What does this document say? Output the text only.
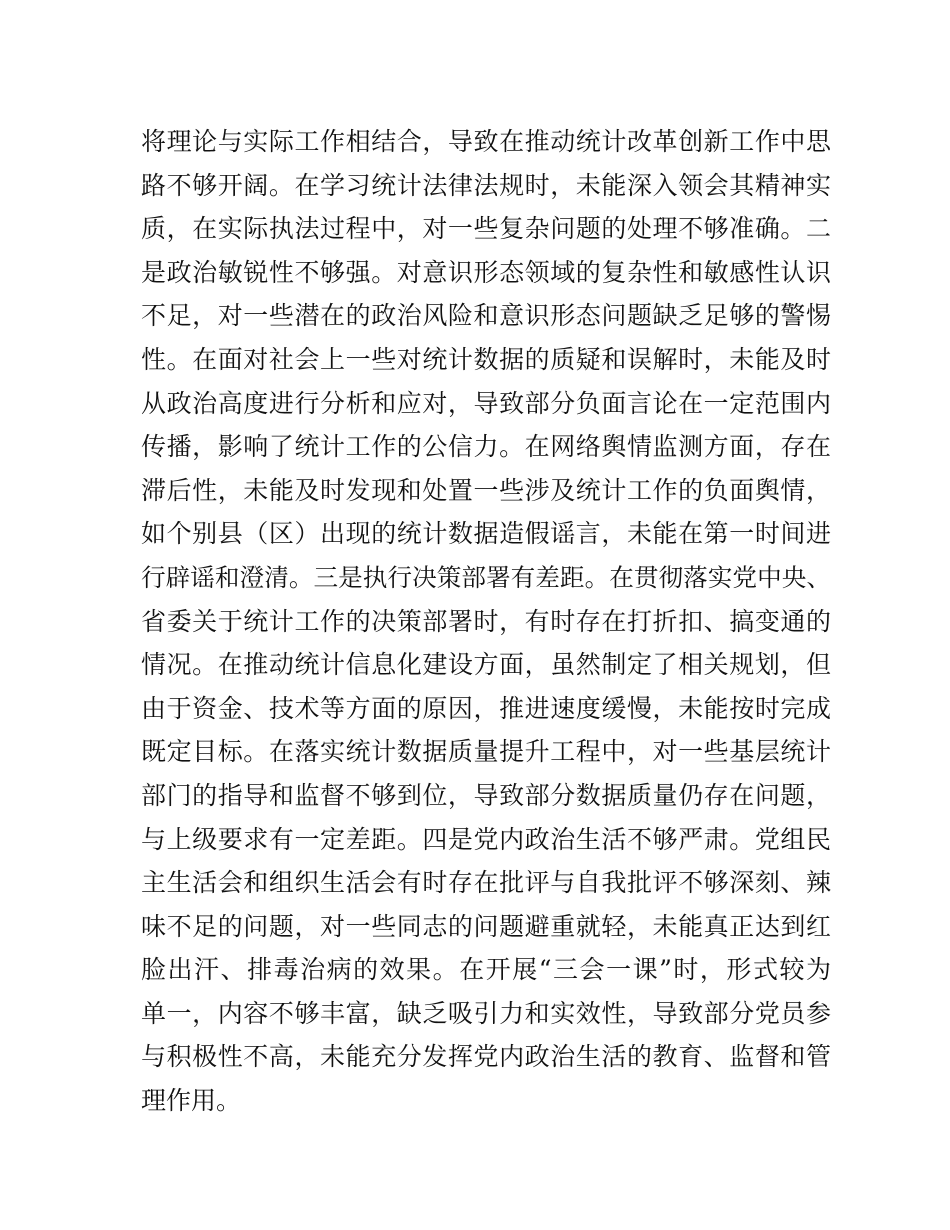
将理论与实际工作相结合，导致在推动统计改革创新工作中思
路不够开阔。在学习统计法律法规时，未能深入领会其精神实
质，在实际执法过程中，对一些复杂问题的处理不够准确。二
是政治敏锐性不够强。对意识形态领域的复杂性和敏感性认识
不足，对一些潜在的政治风险和意识形态问题缺乏足够的警惕
性。在面对社会上一些对统计数据的质疑和误解时，未能及时
从政治高度进行分析和应对，导致部分负面言论在一定范围内
传播，影响了统计工作的公信力。在网络舆情监测方面，存在
滞后性，未能及时发现和处置一些涉及统计工作的负面舆情，
如个别县（区）出现的统计数据造假谣言，未能在第一时间进
行辟谣和澄清。三是执行决策部署有差距。在贯彻落实党中央、
省委关于统计工作的决策部署时，有时存在打折扣、搞变通的
情况。在推动统计信息化建设方面，虽然制定了相关规划，但
由于资金、技术等方面的原因，推进速度缓慢，未能按时完成
既定目标。在落实统计数据质量提升工程中，对一些基层统计
部门的指导和监督不够到位，导致部分数据质量仍存在问题，
与上级要求有一定差距。四是党内政治生活不够严肃。党组民
主生活会和组织生活会有时存在批评与自我批评不够深刻、辣
味不足的问题，对一些同志的问题避重就轻，未能真正达到红
脸出汗、排毒治病的效果。在开展“三会一课”时，形式较为
单一，内容不够丰富，缺乏吸引力和实效性，导致部分党员参
与积极性不高，未能充分发挥党内政治生活的教育、监督和管
理作用。
